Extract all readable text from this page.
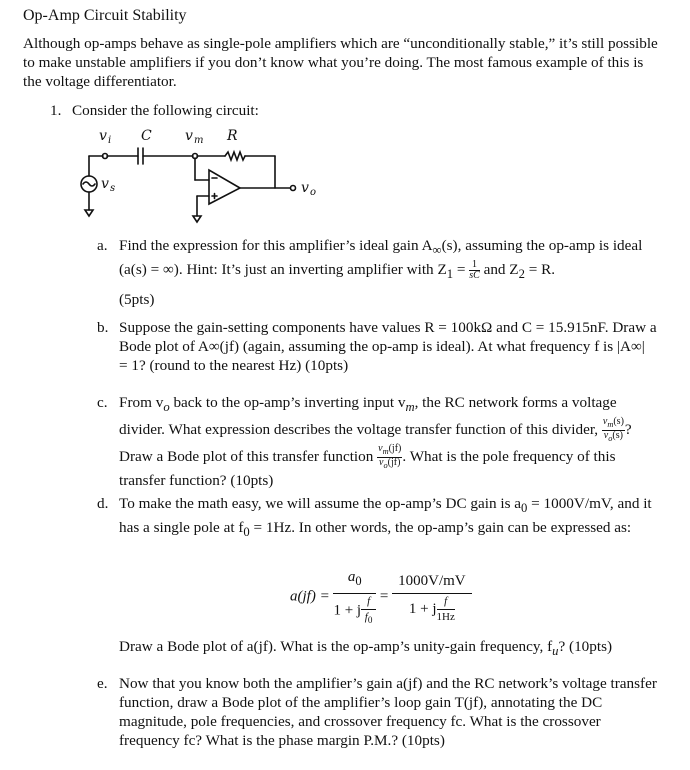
Op-Amp Circuit Stability
Although op-amps behave as single-pole amplifiers which are “unconditionally stable,” it’s still possible to make unstable amplifiers if you don’t know what you’re doing. The most famous example of this is the voltage differentiator.
1. Consider the following circuit:
v i C v m R
v s	v o
a. Find the expression for this amplifier’s ideal gain $A_\infty(s)$, assuming the op-amp is ideal (a(s) = ∞). Hint: It’s just an inverting amplifier with $Z_1 = \frac{1}{sC}$ and $Z_2 = R$.
(5pts)
b. Suppose the gain-setting components have values R = 100kΩ and C = 15.915nF. Draw a Bode plot of A∞(jf) (again, assuming the op-amp is ideal). At what frequency f is |A∞| = 1? (round to the nearest Hz) (10pts)
c. From $v_o$ back to the op-amp’s inverting input $v_m$, the RC network forms a voltage divider. What expression describes the voltage transfer function of this divider, $\frac{v_m(s)}{v_o(s)}$ ? Draw a Bode plot of this transfer function $\frac{v_m(jf)}{v_o(jf)}$ . What is the pole frequency of this transfer function? (10pts)
d. To make the math easy, we will assume the op-amp’s DC gain is $a_0 = 1000V/mV$, and it has a single pole at $f_0 = 1Hz$. In other words, the op-amp’s gain can be expressed as:
a(jf) =
$a_0$
1 + j $\frac{f}{f_0} = \frac{1000V/mV}{1 + j \frac{f}{1Hz}}$
Draw a Bode plot of a(jf). What is the op-amp’s unity-gain frequency, $f_u$? (10pts)
e. Now that you know both the amplifier’s gain a(jf) and the RC network’s voltage transfer function, draw a Bode plot of the amplifier’s loop gain T(jf), annotating the DC magnitude, pole frequencies, and crossover frequency fc. What is the crossover frequency fc? What is the phase margin P.M.? (10pts)
